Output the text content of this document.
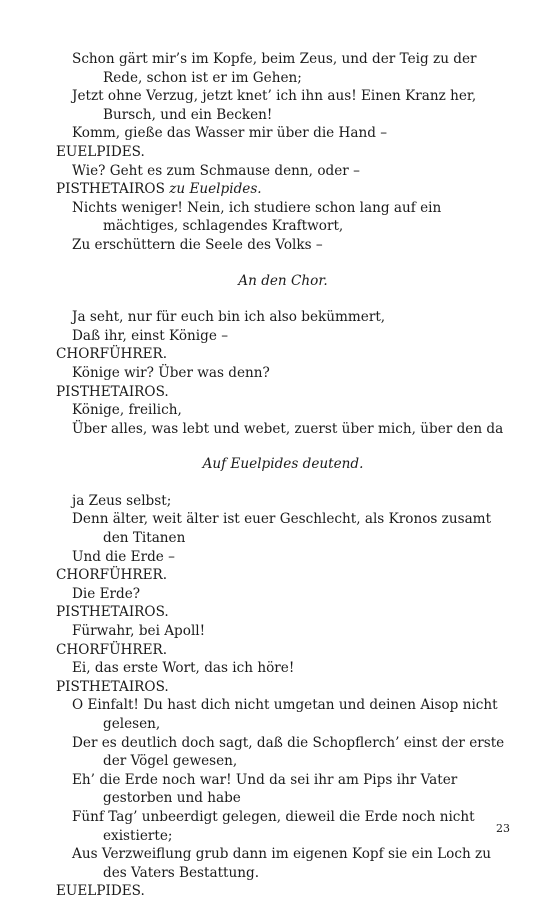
Schon gärt mir’s im Kopfe, beim Zeus, und der Teig zu der Rede, schon ist er im Gehen;

Jetzt ohne Verzug, jetzt knet’ ich ihn aus! Einen Kranz her, Bursch, und ein Becken!

Komm, gieße das Wasser mir über die Hand –

EUELPIDES.

Wie? Geht es zum Schmause denn, oder –

PISTHETAIROS zu Euelpides.

Nichts weniger! Nein, ich studiere schon lang auf ein mächtiges, schlagendes Kraftwort,

Zu erschüttern die Seele des Volks –

An den Chor.

Ja seht, nur für euch bin ich also bekümmert,

Daß ihr, einst Könige –

CHORFÜHRER.

Könige wir? Über was denn?

PISTHETAIROS.

Könige, freilich,

Über alles, was lebt und webet, zuerst über mich, über den da

Auf Euelpides deutend.

ja Zeus selbst;

Denn älter, weit älter ist euer Geschlecht, als Kronos zusamt den Titanen

Und die Erde –

CHORFÜHRER.

Die Erde?

PISTHETAIROS.

Fürwahr, bei Apoll!

CHORFÜHRER.

Ei, das erste Wort, das ich höre!

PISTHETAIROS.

O Einfalt! Du hast dich nicht umgetan und deinen Aisop nicht gelesen,

Der es deutlich doch sagt, daß die Schopflerch’ einst der erste der Vögel gewesen,

Eh’ die Erde noch war! Und da sei ihr am Pips ihr Vater gestorben und habe

Fünf Tag’ unbeerdigt gelegen, dieweil die Erde noch nicht existierte;

Aus Verzweiflung grub dann im eigenen Kopf sie ein Loch zu des Vaters Bestattung.

EUELPIDES.

23
